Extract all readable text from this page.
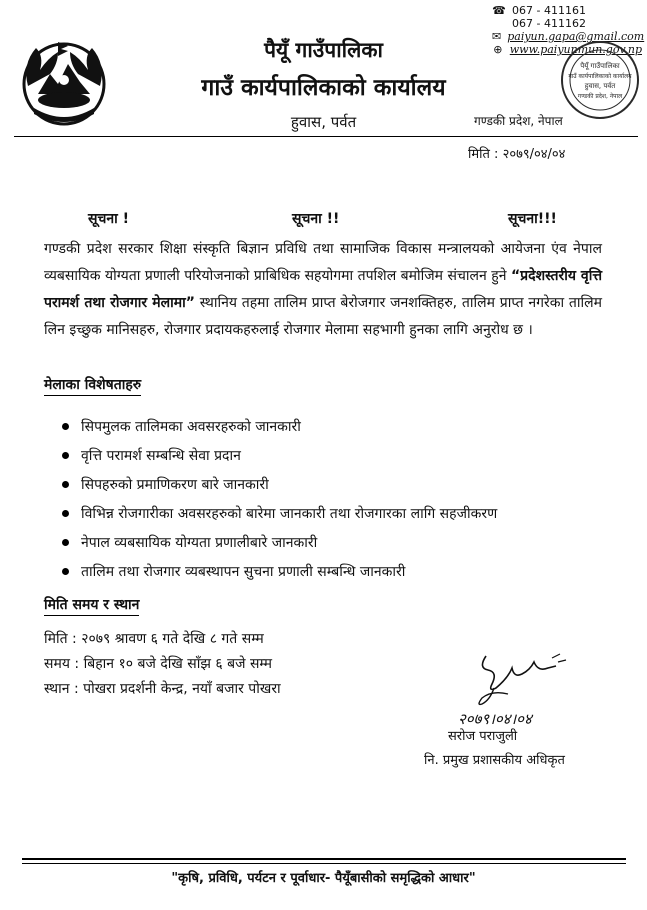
पैयूँ गाउँपालिका
गाउँ कार्यपालिकाको कार्यालय
हुवास, पर्वत
☎ 067 - 411161
067 - 411162
✉ paiyun.gapa@gmail.com
⊕ www.paiyunmun.gov.np
पैयूँ गाउँपालिका
गाउँ कार्यपालिकाको कार्यालय
हुवास, पर्वत
गण्डकी प्रदेश, नेपाल
गण्डकी प्रदेश, नेपाल
मिति : २०७९/०४/०४
सूचना !	सूचना !!	सूचना!!!
गण्डकी प्रदेश सरकार शिक्षा संस्कृति बिज्ञान प्रविधि तथा सामाजिक विकास मन्त्रालयको आयेजना एंव नेपाल व्यबसायिक योग्यता प्रणाली परियोजनाको प्राबिधिक सहयोगमा तपशिल बमोजिम संचालन हुने “प्रदेशस्तरीय वृत्ति परामर्श तथा रोजगार मेलामा” स्थानिय तहमा तालिम प्राप्त बेरोजगार जनशक्तिहरु, तालिम प्राप्त नगरेका तालिम लिन इच्छुक मानिसहरु, रोजगार प्रदायकहरुलाई रोजगार मेलामा सहभागी हुनका लागि अनुरोध छ ।
मेलाका विशेषताहरु
सिपमुलक तालिमका अवसरहरुको जानकारी
वृत्ति परामर्श सम्बन्धि सेवा प्रदान
सिपहरुको प्रमाणिकरण बारे जानकारी
विभिन्न रोजगारीका अवसरहरुको बारेमा जानकारी तथा रोजगारका लागि सहजीकरण
नेपाल व्यबसायिक योग्यता प्रणालीबारे जानकारी
तालिम तथा रोजगार व्यबस्थापन सुचना प्रणाली सम्बन्धि जानकारी
मिति समय र स्थान
मिति : २०७९ श्रावण ६ गते देखि ८ गते सम्म
समय : बिहान १० बजे देखि साँझ ६ बजे सम्म
स्थान : पोखरा प्रदर्शनी केन्द्र, नयाँ बजार पोखरा
२०७९।०४।०४
सरोज पराजुली
नि. प्रमुख प्रशासकीय अधिकृत
"कृषि, प्रविधि, पर्यटन र पूर्वाधार- पैयूँबासीको समृद्धिको आधार"
